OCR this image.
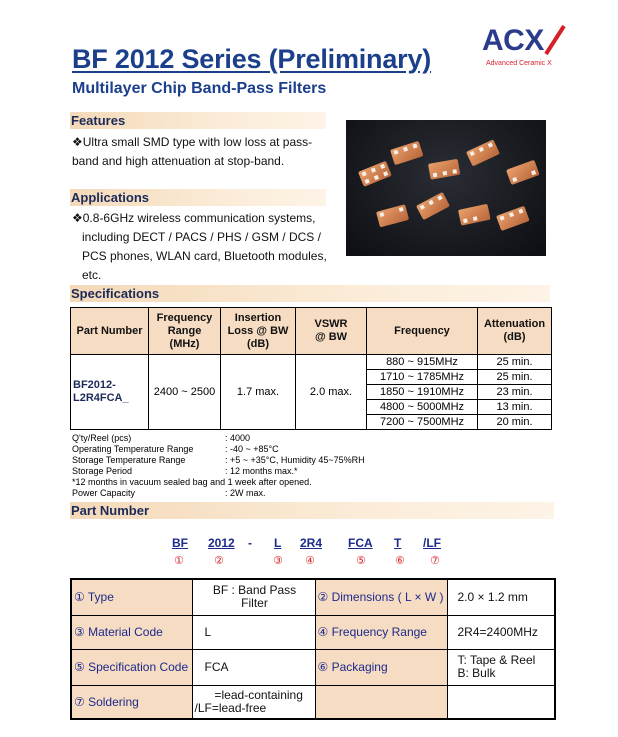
BF 2012 Series (Preliminary)
Multilayer Chip Band-Pass Filters
ACX
Advanced Ceramic X
Features
❖Ultra small SMD type with low loss at pass-
band and high attenuation at stop-band.
Applications
❖0.8-6GHz wireless communication systems,
including DECT / PACS / PHS / GSM / DCS /
PCS phones, WLAN card, Bluetooth modules,
etc.
Specifications
Part Number	Frequency Range (MHz)	Insertion Loss @ BW (dB)	VSWR @ BW	Frequency	Attenuation (dB)

BF2012-L2R4FCA_	2400 ~ 2500	1.7 max.	2.0 max.	880 ~ 915MHz	25 min.
				1710 ~ 1785MHz	25 min.
				1850 ~ 1910MHz	23 min.
				4800 ~ 5000MHz	13 min.
				7200 ~ 7500MHz	20 min.
Q'ty/Reel (pcs)	: 4000
Operating Temperature Range	: -40 ~ +85°C
Storage Temperature Range	: +5 ~ +35°C, Humidity 45~75%RH
Storage Period	: 12 months max.*
*12 months in vacuum sealed bag and 1 week after opened.
Power Capacity	: 2W max.
Part Number
BF 2012 - L 2R4 FCA T /LF
①	②	③ ④	⑤	⑥ ⑦
① Type	BF : Band Pass
Filter	② Dimensions ( L × W )	2.0 × 1.2 mm
③ Material Code	L	④ Frequency Range	2R4=2400MHz
⑤ Specification Code	FCA	⑥ Packaging	T: Tape & Reel
B: Bulk

⑦ Soldering	=lead-containing
/LF=lead-free		
